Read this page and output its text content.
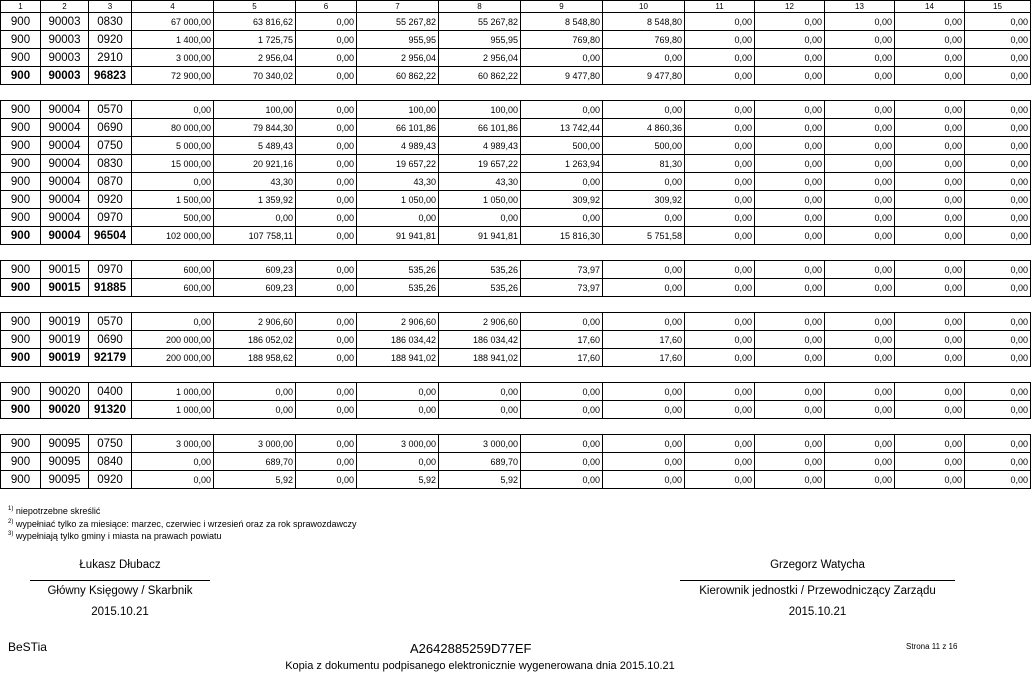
1	2	3	4	5	6	7	8	9	10	11	12	13	14	15
900	90003	0830	67 000,00	63 816,62	0,00	55 267,82	55 267,82	8 548,80	8 548,80	0,00	0,00	0,00	0,00	0,00
900	90003	0920	1 400,00	1 725,75	0,00	955,95	955,95	769,80	769,80	0,00	0,00	0,00	0,00	0,00
900	90003	2910	3 000,00	2 956,04	0,00	2 956,04	2 956,04	0,00	0,00	0,00	0,00	0,00	0,00	0,00
900	90003	96823	72 900,00	70 340,02	0,00	60 862,22	60 862,22	9 477,80	9 477,80	0,00	0,00	0,00	0,00	0,00

900	90004	0570	0,00	100,00	0,00	100,00	100,00	0,00	0,00	0,00	0,00	0,00	0,00	0,00
900	90004	0690	80 000,00	79 844,30	0,00	66 101,86	66 101,86	13 742,44	4 860,36	0,00	0,00	0,00	0,00	0,00
900	90004	0750	5 000,00	5 489,43	0,00	4 989,43	4 989,43	500,00	500,00	0,00	0,00	0,00	0,00	0,00
900	90004	0830	15 000,00	20 921,16	0,00	19 657,22	19 657,22	1 263,94	81,30	0,00	0,00	0,00	0,00	0,00
900	90004	0870	0,00	43,30	0,00	43,30	43,30	0,00	0,00	0,00	0,00	0,00	0,00	0,00
900	90004	0920	1 500,00	1 359,92	0,00	1 050,00	1 050,00	309,92	309,92	0,00	0,00	0,00	0,00	0,00
900	90004	0970	500,00	0,00	0,00	0,00	0,00	0,00	0,00	0,00	0,00	0,00	0,00	0,00
900	90004	96504	102 000,00	107 758,11	0,00	91 941,81	91 941,81	15 816,30	5 751,58	0,00	0,00	0,00	0,00	0,00

900	90015	0970	600,00	609,23	0,00	535,26	535,26	73,97	0,00	0,00	0,00	0,00	0,00	0,00
900	90015	91885	600,00	609,23	0,00	535,26	535,26	73,97	0,00	0,00	0,00	0,00	0,00	0,00

900	90019	0570	0,00	2 906,60	0,00	2 906,60	2 906,60	0,00	0,00	0,00	0,00	0,00	0,00	0,00
900	90019	0690	200 000,00	186 052,02	0,00	186 034,42	186 034,42	17,60	17,60	0,00	0,00	0,00	0,00	0,00
900	90019	92179	200 000,00	188 958,62	0,00	188 941,02	188 941,02	17,60	17,60	0,00	0,00	0,00	0,00	0,00

900	90020	0400	1 000,00	0,00	0,00	0,00	0,00	0,00	0,00	0,00	0,00	0,00	0,00	0,00
900	90020	91320	1 000,00	0,00	0,00	0,00	0,00	0,00	0,00	0,00	0,00	0,00	0,00	0,00

900	90095	0750	3 000,00	3 000,00	0,00	3 000,00	3 000,00	0,00	0,00	0,00	0,00	0,00	0,00	0,00
900	90095	0840	0,00	689,70	0,00	0,00	689,70	0,00	0,00	0,00	0,00	0,00	0,00	0,00
900	90095	0920	0,00	5,92	0,00	5,92	5,92	0,00	0,00	0,00	0,00	0,00	0,00	0,00
$^{1)}$ niepotrzebne skreślić
$^{2)}$ wypełniać tylko za miesiące: marzec, czerwiec i wrzesień oraz za rok sprawozdawczy
$^{3)}$ wypełniają tylko gminy i miasta na prawach powiatu
Łukasz Dłubacz
Główny Księgowy / Skarbnik
2015.10.21
Grzegorz Watycha
Kierownik jednostki / Przewodniczący Zarządu
2015.10.21
BeSTia	A2642885259D77EF	Strona 11 z 16
Kopia z dokumentu podpisanego elektronicznie wygenerowana dnia 2015.10.21
